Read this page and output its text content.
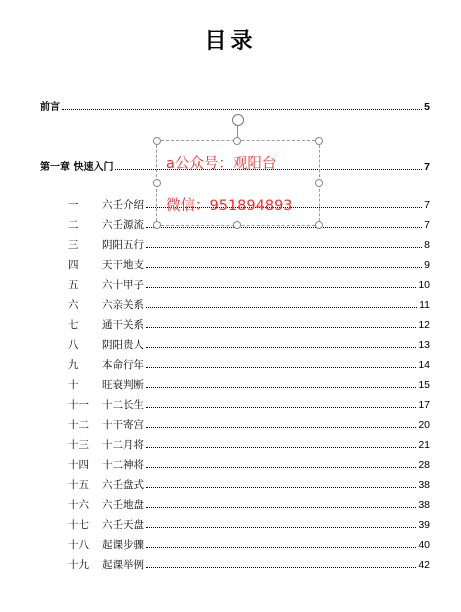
目录
前言	5
第一章 快速入门	7
一	六壬介绍	7
二	六壬源流	7
三	阴阳五行	8
四	天干地支	9
五	六十甲子	10
六	六亲关系	11
七	通干关系	12
八	阴阳贵人	13
九	本命行年	14
十	旺衰判断	15
十一	十二长生	17
十二	十干寄宫	20
十三	十二月将	21
十四	十二神将	28
十五	六壬盘式	38
十六	六壬地盘	38
十七	六壬天盘	39
十八	起课步骤	40
十九	起课举例	42
a公众号：观阳台
微信：951894893
